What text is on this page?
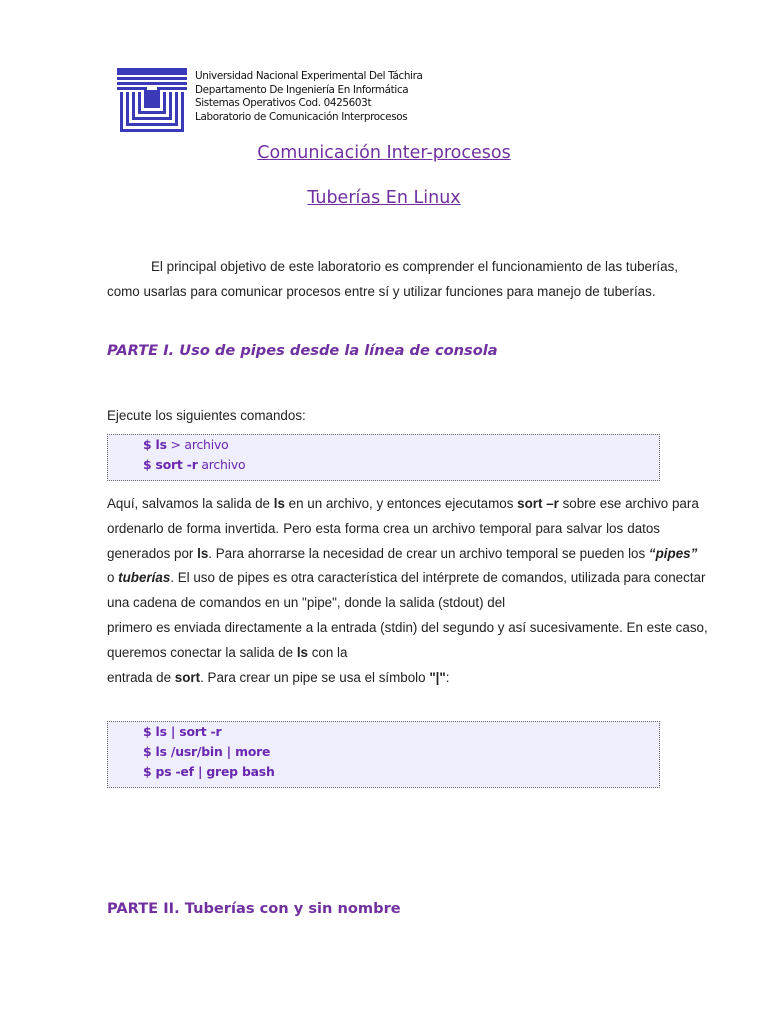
Universidad Nacional Experimental Del Táchira
Departamento De Ingeniería En Informática
Sistemas Operativos Cod. 0425603t
Laboratorio de Comunicación Interprocesos
Comunicación Inter-procesos
Tuberías En Linux
El principal objetivo de este laboratorio es comprender el funcionamiento de las tuberías,
como usarlas para comunicar procesos entre sí y utilizar funciones para manejo de tuberías.
PARTE I. Uso de pipes desde la línea de consola
Ejecute los siguientes comandos:
$ ls > archivo
$ sort -r archivo
Aquí, salvamos la salida de ls en un archivo, y entonces ejecutamos sort –r sobre ese archivo para
ordenarlo de forma invertida. Pero esta forma crea un archivo temporal para salvar los datos
generados por ls. Para ahorrarse la necesidad de crear un archivo temporal se pueden los “pipes”
o tuberías. El uso de pipes es otra característica del intérprete de comandos, utilizada para conectar
una cadena de comandos en un "pipe", donde la salida (stdout) del
primero es enviada directamente a la entrada (stdin) del segundo y así sucesivamente. En este caso,
queremos conectar la salida de ls con la
entrada de sort. Para crear un pipe se usa el símbolo "|":
$ ls | sort -r
$ ls /usr/bin | more
$ ps -ef | grep bash
PARTE II. Tuberías con y sin nombre
